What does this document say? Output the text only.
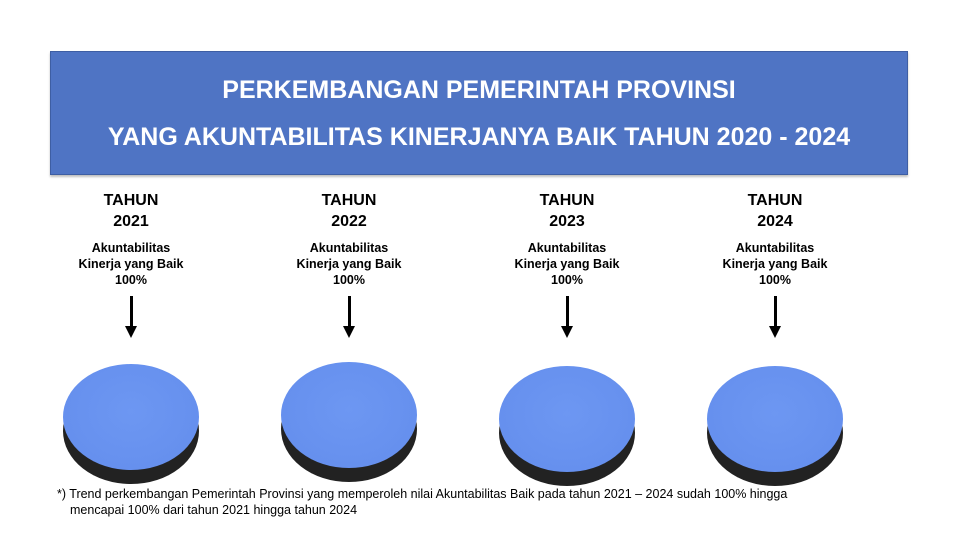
PERKEMBANGAN PEMERINTAH PROVINSI
YANG AKUNTABILITAS KINERJANYA BAIK TAHUN 2020 - 2024
TAHUN
2021
Akuntabilitas
Kinerja yang Baik
100%
TAHUN
2022
Akuntabilitas
Kinerja yang Baik
100%
TAHUN
2023
Akuntabilitas
Kinerja yang Baik
100%
TAHUN
2024
Akuntabilitas
Kinerja yang Baik
100%
*) Trend perkembangan Pemerintah Provinsi yang memperoleh nilai Akuntabilitas Baik pada tahun 2021 – 2024 sudah 100% hingga
mencapai 100% dari tahun 2021 hingga tahun 2024
